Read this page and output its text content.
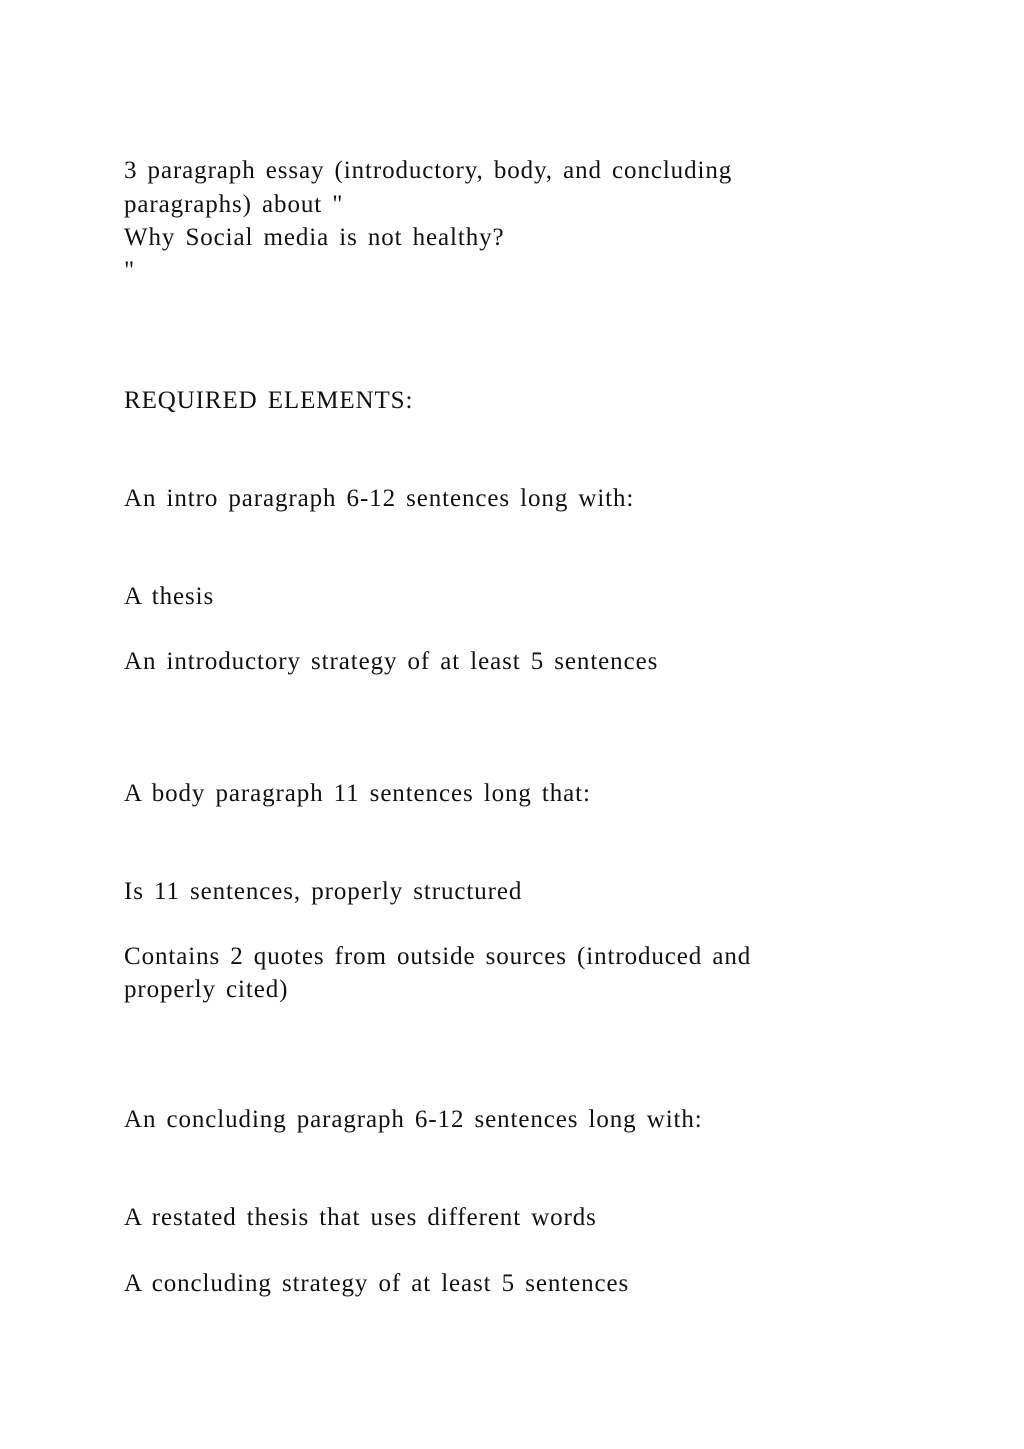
3 paragraph essay (introductory, body, and concluding

paragraphs) about "

Why Social media is not healthy?

"

REQUIRED ELEMENTS:

An intro paragraph 6-12 sentences long with:

A thesis

An introductory strategy of at least 5 sentences

A body paragraph 11 sentences long that:

Is 11 sentences, properly structured

Contains 2 quotes from outside sources (introduced and

properly cited)

An concluding paragraph 6-12 sentences long with:

A restated thesis that uses different words

A concluding strategy of at least 5 sentences
